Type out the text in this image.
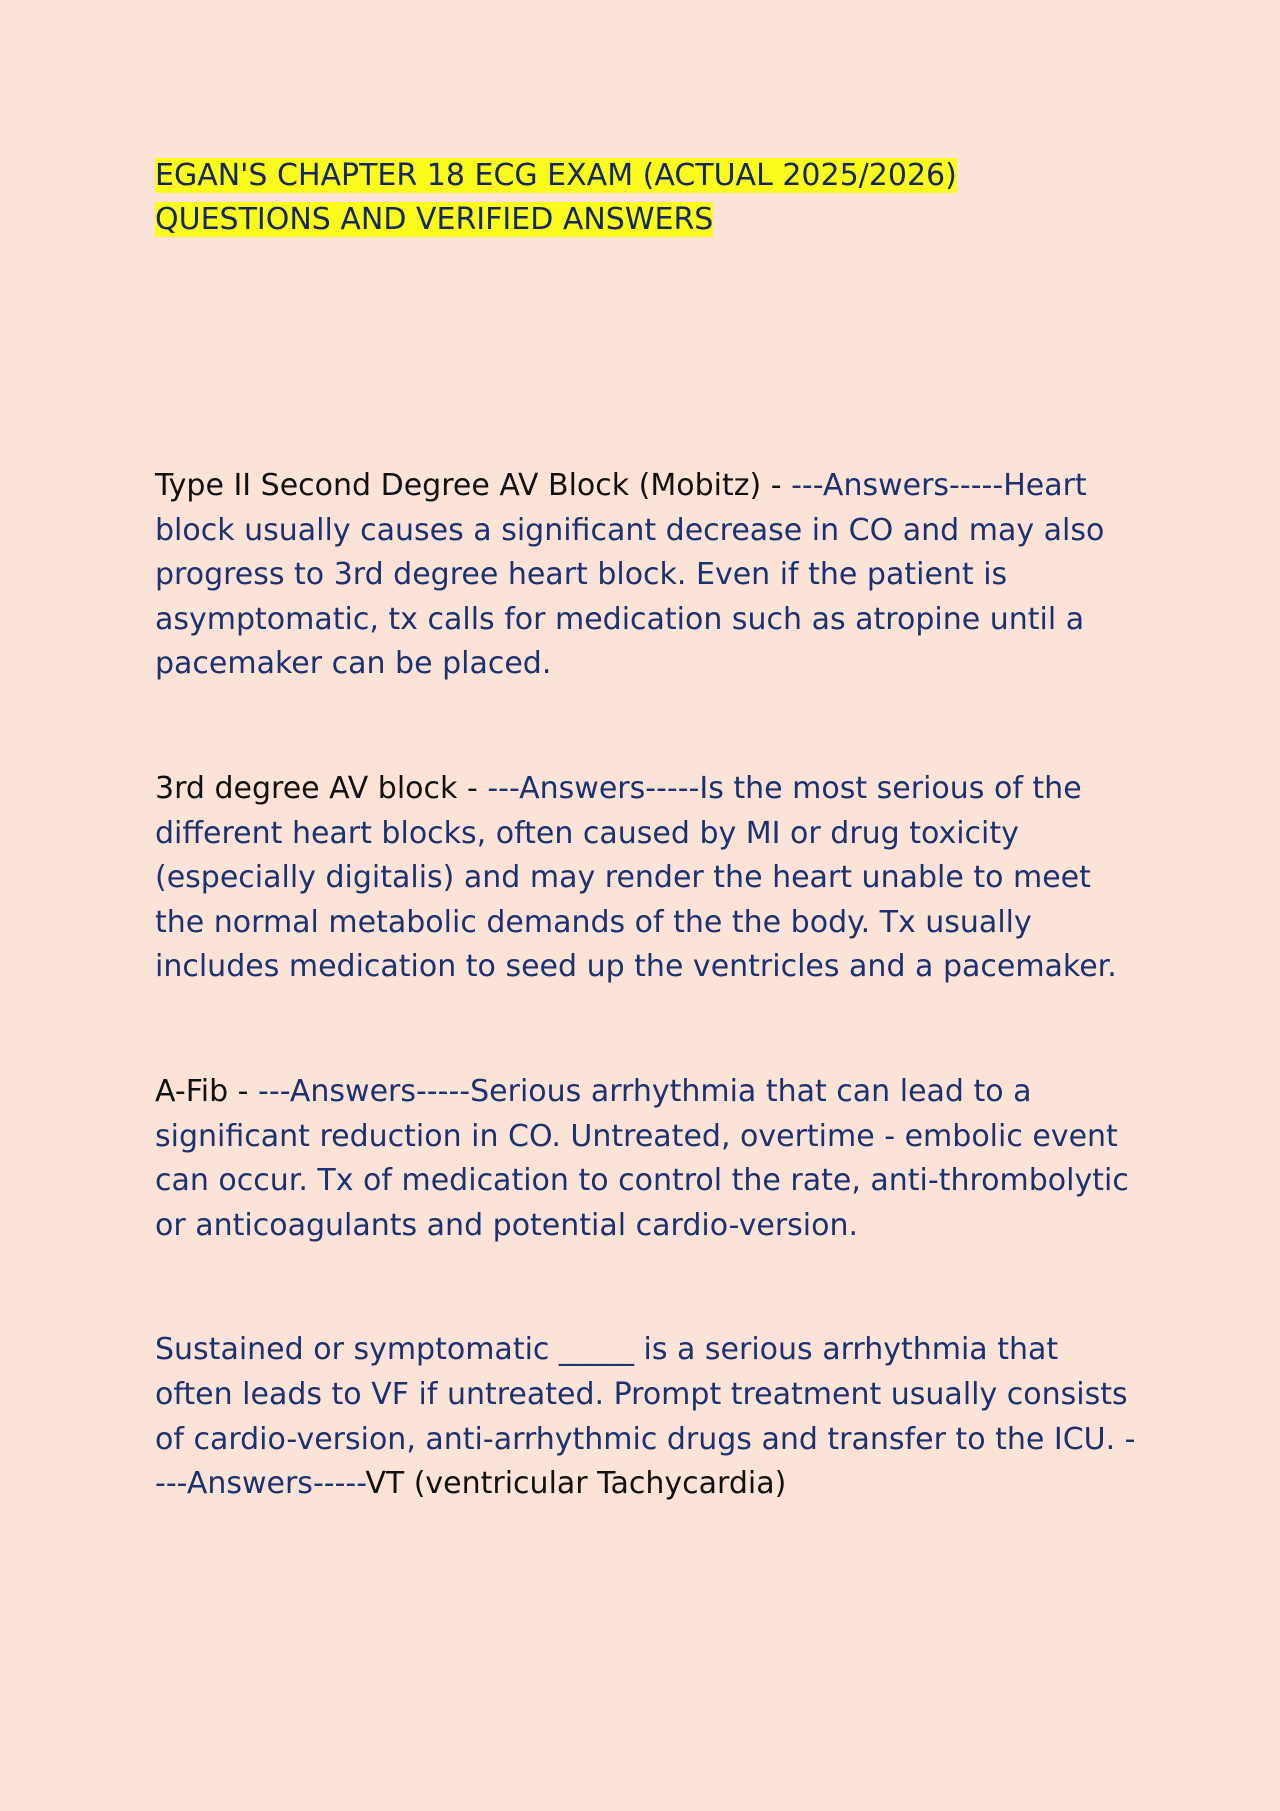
EGAN'S CHAPTER 18 ECG EXAM (ACTUAL 2025/2026)
QUESTIONS AND VERIFIED ANSWERS

Type II Second Degree AV Block (Mobitz) - ---Answers-----Heart block usually causes a significant decrease in CO and may also progress to 3rd degree heart block. Even if the patient is asymptomatic, tx calls for medication such as atropine until a pacemaker can be placed.

3rd degree AV block - ---Answers-----Is the most serious of the different heart blocks, often caused by MI or drug toxicity (especially digitalis) and may render the heart unable to meet the normal metabolic demands of the the body. Tx usually includes medication to seed up the ventricles and a pacemaker.

A-Fib - ---Answers-----Serious arrhythmia that can lead to a significant reduction in CO. Untreated, overtime - embolic event can occur. Tx of medication to control the rate, anti-thrombolytic or anticoagulants and potential cardio-version.

Sustained or symptomatic _____ is a serious arrhythmia that often leads to VF if untreated. Prompt treatment usually consists of cardio-version, anti-arrhythmic drugs and transfer to the ICU. - ---Answers-----VT (ventricular Tachycardia)
